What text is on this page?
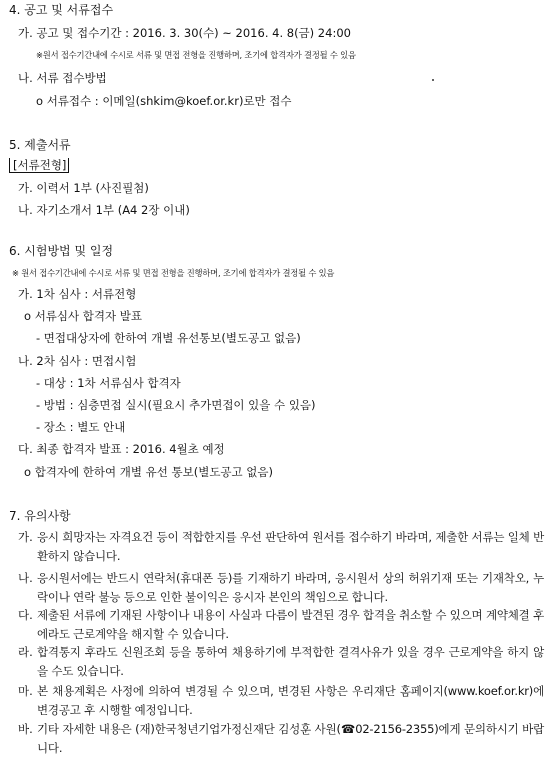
4. 공고 및 서류접수
가. 공고 및 접수기간 : 2016. 3. 30(수) ~ 2016. 4. 8(금) 24:00
※원서 접수기간내에 수시로 서류 및 면접 전형을 진행하며, 조기에 합격자가 결정될 수 있음
나. 서류 접수방법
o 서류접수 : 이메일(shkim@koef.or.kr)로만 접수
5. 제출서류
[서류전형]
가. 이력서 1부 (사진필첨)
나. 자기소개서 1부 (A4 2장 이내)
6. 시험방법 및 일정
※ 원서 접수기간내에 수시로 서류 및 면접 전형을 진행하며, 조기에 합격자가 결정될 수 있음
가. 1차 심사 : 서류전형
o 서류심사 합격자 발표
- 면접대상자에 한하여 개별 유선통보(별도공고 없음)
나. 2차 심사 : 면접시험
- 대상 : 1차 서류심사 합격자
- 방법 : 심층면접 실시(필요시 추가면접이 있을 수 있음)
- 장소 : 별도 안내
다. 최종 합격자 발표 : 2016. 4월초 예정
o 합격자에 한하여 개별 유선 통보(별도공고 없음)
7. 유의사항
가. 응시 희망자는 자격요건 등이 적합한지를 우선 판단하여 원서를 접수하기 바라며, 제출한 서류는 일체 반환하지 않습니다.
나. 응시원서에는 반드시 연락처(휴대폰 등)를 기재하기 바라며, 응시원서 상의 허위기재 또는 기재착오, 누락이나 연락 불능 등으로 인한 불이익은 응시자 본인의 책임으로 합니다.
다. 제출된 서류에 기재된 사항이나 내용이 사실과 다름이 발견된 경우 합격을 취소할 수 있으며 계약체결 후에라도 근로계약을 해지할 수 있습니다.
라. 합격통지 후라도 신원조회 등을 통하여 채용하기에 부적합한 결격사유가 있을 경우 근로계약을 하지 않을 수도 있습니다.
마. 본 채용계획은 사정에 의하여 변경될 수 있으며, 변경된 사항은 우리재단 홈페이지(www.koef.or.kr)에 변경공고 후 시행할 예정입니다.
바. 기타 자세한 내용은 (재)한국청년기업가정신재단 김성훈 사원(☎02-2156-2355)에게 문의하시기 바랍니다.
